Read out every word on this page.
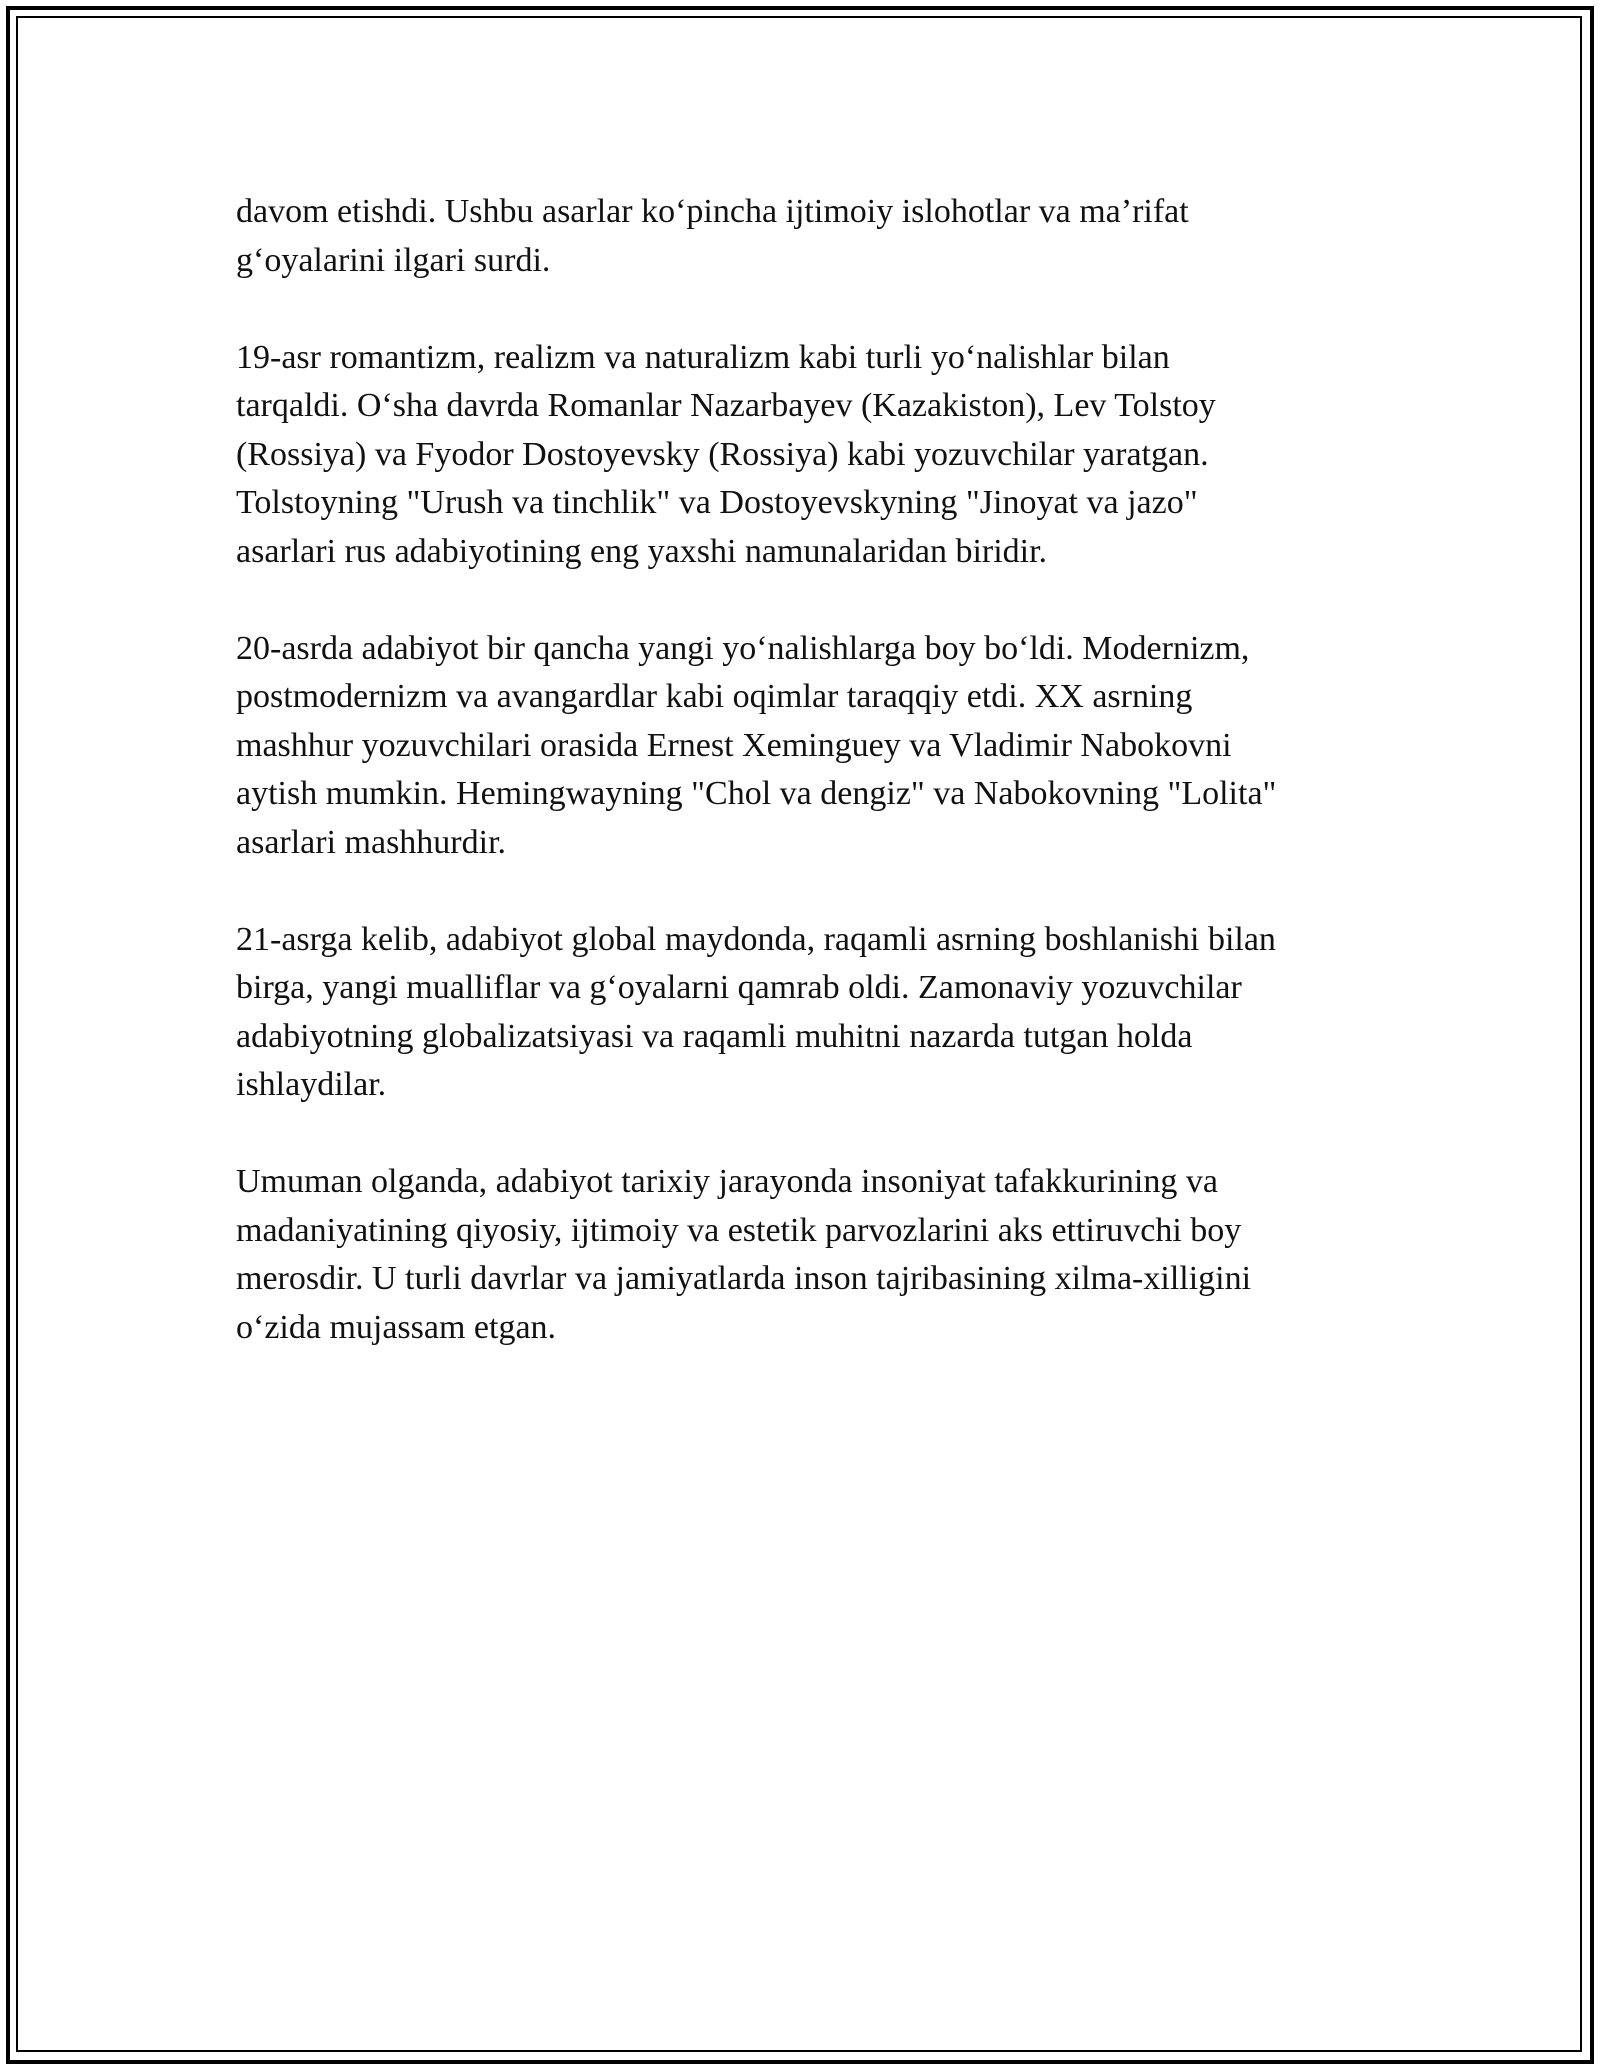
davom etishdi. Ushbu asarlar ko‘pincha ijtimoiy islohotlar va ma’rifat
g‘oyalarini ilgari surdi.

19-asr romantizm, realizm va naturalizm kabi turli yo‘nalishlar bilan
tarqaldi. O‘sha davrda Romanlar Nazarbayev (Kazakiston), Lev Tolstoy
(Rossiya) va Fyodor Dostoyevsky (Rossiya) kabi yozuvchilar yaratgan.
Tolstoyning "Urush va tinchlik" va Dostoyevskyning "Jinoyat va jazo"
asarlari rus adabiyotining eng yaxshi namunalaridan biridir.

20-asrda adabiyot bir qancha yangi yo‘nalishlarga boy bo‘ldi. Modernizm,
postmodernizm va avangardlar kabi oqimlar taraqqiy etdi. XX asrning
mashhur yozuvchilari orasida Ernest Xeminguey va Vladimir Nabokovni
aytish mumkin. Hemingwayning "Chol va dengiz" va Nabokovning "Lolita"
asarlari mashhurdir.

21-asrga kelib, adabiyot global maydonda, raqamli asrning boshlanishi bilan
birga, yangi mualliflar va g‘oyalarni qamrab oldi. Zamonaviy yozuvchilar
adabiyotning globalizatsiyasi va raqamli muhitni nazarda tutgan holda
ishlaydilar.

Umuman olganda, adabiyot tarixiy jarayonda insoniyat tafakkurining va
madaniyatining qiyosiy, ijtimoiy va estetik parvozlarini aks ettiruvchi boy
merosdir. U turli davrlar va jamiyatlarda inson tajribasining xilma-xilligini
o‘zida mujassam etgan.
